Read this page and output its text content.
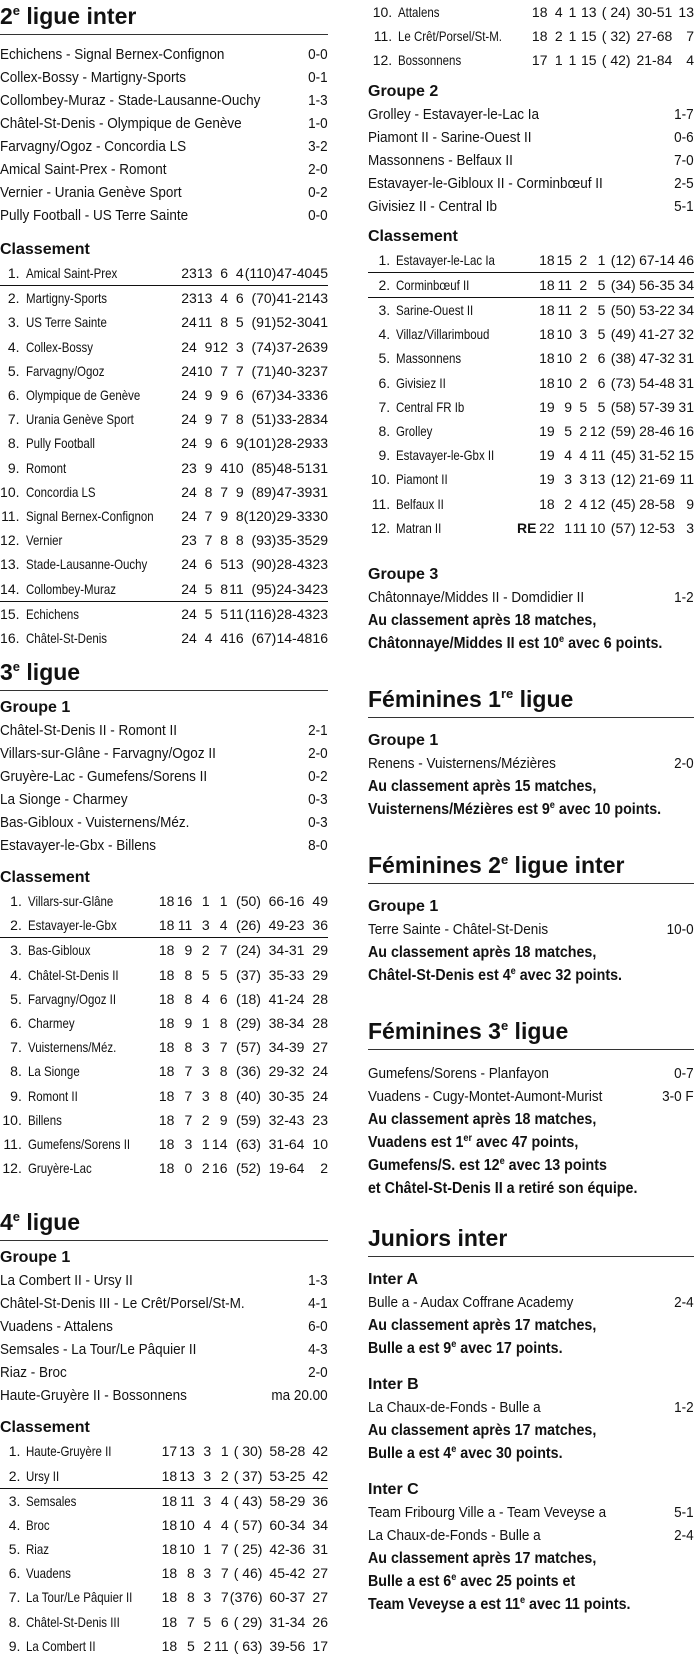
2e ligue inter
Echichens - Signal Bernex-Confignon	0-0
Collex-Bossy - Martigny-Sports	0-1
Collombey-Muraz - Stade-Lausanne-Ouchy	1-3
Châtel-St-Denis - Olympique de Genève	1-0
Farvagny/Ogoz - Concordia LS	3-2
Amical Saint-Prex - Romont	2-0
Vernier - Urania Genève Sport	0-2
Pully Football - US Terre Sainte	0-0
Classement
1.	Amical Saint-Prex	23	13	6	4	(110)	47-40	45
2.	Martigny-Sports	23	13	4	6	(70)	41-21	43
3.	US Terre Sainte	24	11	8	5	(91)	52-30	41
4.	Collex-Bossy	24	9	12	3	(74)	37-26	39
5.	Farvagny/Ogoz	24	10	7	7	(71)	40-32	37
6.	Olympique de Genève	24	9	9	6	(67)	34-33	36
7.	Urania Genève Sport	24	9	7	8	(51)	33-28	34
8.	Pully Football	24	9	6	9	(101)	28-29	33
9.	Romont	23	9	4	10	(85)	48-51	31
10.	Concordia LS	24	8	7	9	(89)	47-39	31
11.	Signal Bernex-Confignon	24	7	9	8	(120)	29-33	30
12.	Vernier	23	7	8	8	(93)	35-35	29
13.	Stade-Lausanne-Ouchy	24	6	5	13	(90)	28-43	23
14.	Collombey-Muraz	24	5	8	11	(95)	24-34	23
15.	Echichens	24	5	5	11	(116)	28-43	23
16.	Châtel-St-Denis	24	4	4	16	(67)	14-48	16
3e ligue
Groupe 1
Châtel-St-Denis II - Romont II	2-1
Villars-sur-Glâne - Farvagny/Ogoz II	2-0
Gruyère-Lac - Gumefens/Sorens II	0-2
La Sionge - Charmey	0-3
Bas-Gibloux - Vuisternens/Méz.	0-3
Estavayer-le-Gbx - Billens	8-0
Classement
1.	Villars-sur-Glâne	18	16	1	1	(50)	66-16	49
2.	Estavayer-le-Gbx	18	11	3	4	(26)	49-23	36
3.	Bas-Gibloux	18	9	2	7	(24)	34-31	29
4.	Châtel-St-Denis II	18	8	5	5	(37)	35-33	29
5.	Farvagny/Ogoz II	18	8	4	6	(18)	41-24	28
6.	Charmey	18	9	1	8	(29)	38-34	28
7.	Vuisternens/Méz.	18	8	3	7	(57)	34-39	27
8.	La Sionge	18	7	3	8	(36)	29-32	24
9.	Romont II	18	7	3	8	(40)	30-35	24
10.	Billens	18	7	2	9	(59)	32-43	23
11.	Gumefens/Sorens II	18	3	1	14	(63)	31-64	10
12.	Gruyère-Lac	18	0	2	16	(52)	19-64	2
4e ligue
Groupe 1
La Combert II - Ursy II	1-3
Châtel-St-Denis III - Le Crêt/Porsel/St-M.	4-1
Vuadens - Attalens	6-0
Semsales - La Tour/Le Pâquier II	4-3
Riaz - Broc	2-0
Haute-Gruyère II - Bossonnens	ma 20.00
Classement
1.	Haute-Gruyère II	17	13	3	1	( 30)	58-28	42
2.	Ursy II	18	13	3	2	( 37)	53-25	42
3.	Semsales	18	11	3	4	( 43)	58-29	36
4.	Broc	18	10	4	4	( 57)	60-34	34
5.	Riaz	18	10	1	7	( 25)	42-36	31
6.	Vuadens	18	8	3	7	( 46)	45-42	27
7.	La Tour/Le Pâquier II	18	8	3	7	(376)	60-37	27
8.	Châtel-St-Denis III	18	7	5	6	( 29)	31-34	26
9.	La Combert II	18	5	2	11	( 63)	39-56	17
10.	Attalens	18	4	1	13	( 24)	30-51	13
11.	Le Crêt/Porsel/St-M.	18	2	1	15	( 32)	27-68	7
12.	Bossonnens	17	1	1	15	( 42)	21-84	4
Groupe 2
Grolley - Estavayer-le-Lac Ia	1-7
Piamont II - Sarine-Ouest II	0-6
Massonnens - Belfaux II	7-0
Estavayer-le-Gibloux II - Corminbœuf II	2-5
Givisiez II - Central Ib	5-1
Classement
1.	Estavayer-le-Lac Ia		18	15	2	1	(12)	67-14	46
2.	Corminbœuf II		18	11	2	5	(34)	56-35	34
3.	Sarine-Ouest II		18	11	2	5	(50)	53-22	34
4.	Villaz/Villarimboud		18	10	3	5	(49)	41-27	32
5.	Massonnens		18	10	2	6	(38)	47-32	31
6.	Givisiez II		18	10	2	6	(73)	54-48	31
7.	Central FR Ib		19	9	5	5	(58)	57-39	31
8.	Grolley		19	5	2	12	(59)	28-46	16
9.	Estavayer-le-Gbx II		19	4	4	11	(45)	31-52	15
10.	Piamont II		19	3	3	13	(12)	21-69	11
11.	Belfaux II		18	2	4	12	(45)	28-58	9
12.	Matran II	RE	22	1	11	10	(57)	12-53	3
Groupe 3
Châtonnaye/Middes II - Domdidier II	1-2
Au classement après 18 matches,
Châtonnaye/Middes II est 10e avec 6 points.
Féminines 1re ligue
Groupe 1
Renens - Vuisternens/Mézières	2-0
Au classement après 15 matches,
Vuisternens/Mézières est 9e avec 10 points.
Féminines 2e ligue inter
Groupe 1
Terre Sainte - Châtel-St-Denis	10-0
Au classement après 18 matches,
Châtel-St-Denis est 4e avec 32 points.
Féminines 3e ligue
Gumefens/Sorens - Planfayon	0-7
Vuadens - Cugy-Montet-Aumont-Murist	3-0 F
Au classement après 18 matches,
Vuadens est 1er avec 47 points,
Gumefens/S. est 12e avec 13 points
et Châtel-St-Denis II a retiré son équipe.
Juniors inter
Inter A
Bulle a - Audax Coffrane Academy	2-4
Au classement après 17 matches,
Bulle a est 9e avec 17 points.
Inter B
La Chaux-de-Fonds - Bulle a	1-2
Au classement après 17 matches,
Bulle a est 4e avec 30 points.
Inter C
Team Fribourg Ville a - Team Veveyse a	5-1
La Chaux-de-Fonds - Bulle a	2-4
Au classement après 17 matches,
Bulle a est 6e avec 25 points et
Team Veveyse a est 11e avec 11 points.
